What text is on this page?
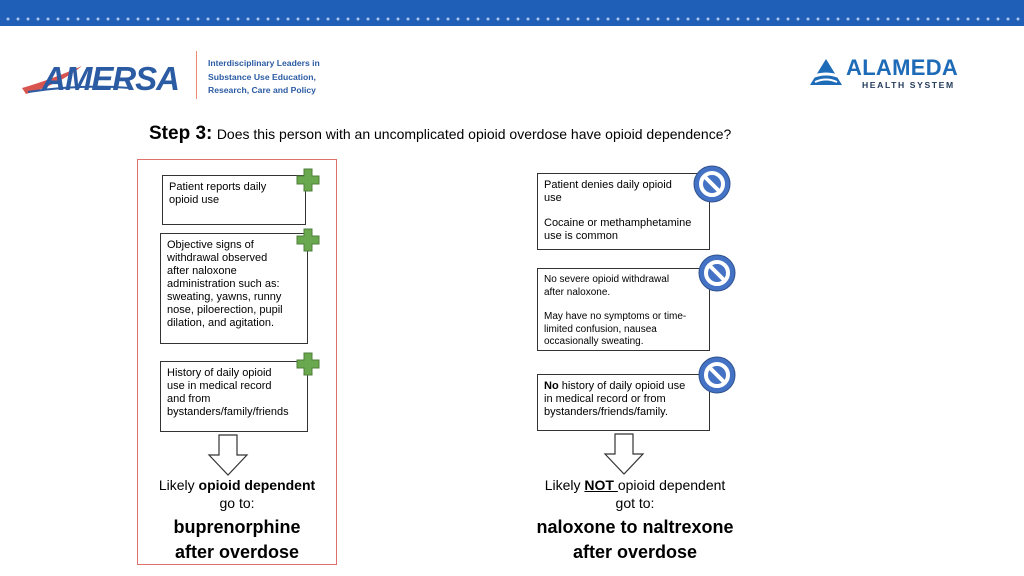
AMERSA	Interdisciplinary Leaders in
Substance Use Education,
Research, Care and Policy
ALAMEDA
HEALTH SYSTEM
Step 3: Does this person with an uncomplicated opioid overdose have opioid dependence?
Patient reports daily
opioid use
Objective signs of
withdrawal observed
after naloxone
administration such as:
sweating, yawns, runny
nose, piloerection, pupil
dilation, and agitation.
History of daily opioid
use in medical record
and from
bystanders/family/friends
Likely opioid dependent
go to:
buprenorphine
after overdose
Patient denies daily opioid
use
Cocaine or methamphetamine
use is common
No severe opioid withdrawal
after naloxone.
May have no symptoms or time-
limited confusion, nausea
occasionally sweating.
No history of daily opioid use
in medical record or from
bystanders/friends/family.
Likely NOT opioid dependent
got to:
naloxone to naltrexone
after overdose
